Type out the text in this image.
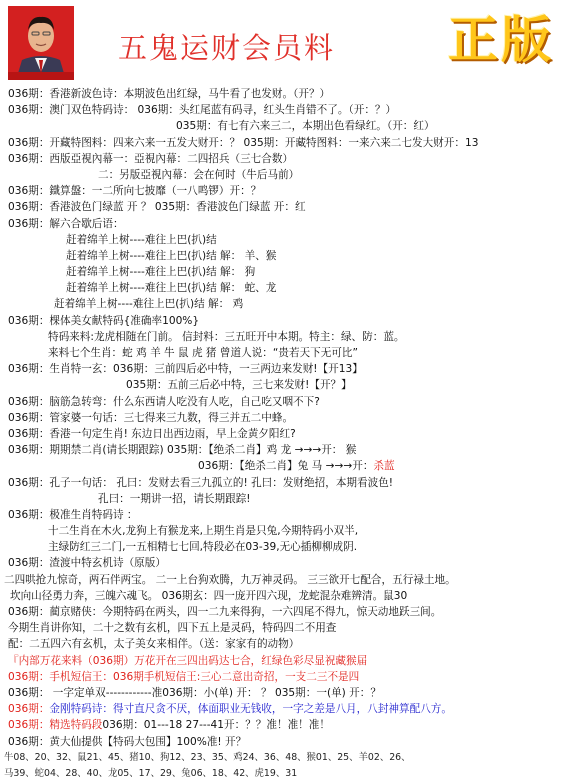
五鬼运财会员料 正版
036期：香港新波色诗：本期波色出红绿，马牛看了也发财。（开？）
036期：澳门双色特码诗： 036期：头红尾蓝有码寻，红头生肖错不了。（开：？）
035期：有七有六来三二，本期出色看绿红。（开：红）
036期：开藏特图料：四来六来一五发大财开：？ 035期：开藏特图料：一来六来二七发大财开：13
036期：西版亞視內幕一：亞視內幕：二四招兵（三七合数）
二：另版亞視內幕：会在何时（牛后马前）
036期：鐵算盤：一二所向七披靡（一八鸣锣）开：？
036期：香港波色门绿蓝 开 ？ 035期：香港波色门绿蓝 开：红
036期：解六合歇后语：
赶着绵羊上树----难往上巴(扒)结
赶着绵羊上树----难往上巴(扒)结 解： 羊、猴
赶着绵羊上树----难往上巴(扒)结 解： 狗
赶着绵羊上树----难往上巴(扒)结 解： 蛇、龙
赶着绵羊上树----难往上巴(扒)结 解： 鸡
036期：棵体美女献特码{准确率100%}
特码来料:龙虎相随在门前。 信封料：三五旺开中本期。特主：绿、防：蓝。
来料七个生肖：蛇 鸡 羊 牛 鼠 虎 猪 曾道人说：“贵若天下无可比”
036期：生肖特一玄：036期：三前四后必中特，一三两边来发财!【开13】
035期：五前三后必中特，三七来发财!【开？】
036期：脑筋急转弯：什么东西请人吃没有人吃，自己吃又咽不下?
036期：管家婆一句话：三七得来三九数，得三并五二中蜂。
036期：香港一句定生肖! 东边日出西边雨，早上金黄夕阳红?
036期：期期禁二肖(请长期跟踪) 035期：【绝杀二肖】鸡 龙 →→→开： 猴
036期：【绝杀二肖】兔 马 →→→开：杀蓝
036期：孔子一句话： 孔曰：发财去看三九孤立的! 孔曰：发财绝招，本期看波色!
孔曰：一期讲一招，请长期跟踪!
036期：极准生肖特码诗 ：
十二生肖在木火,龙狗上有猴龙来,上期生肖是只兔,今期特码小双半,
主绿防红三二门,一五相精七七回,特段必在03-39,无心插柳柳成阴.
036期：渣渡中特玄机诗（原版）
二四哄抢九惊奇，两石伴两宝。 二一上台狗欢腾，九万神灵码。 三三欲开七配合，五行禄土地。
坎向山径勇力奔，三魄六魂飞。 036期玄：四一庞开四六现，龙蛇混杂难辨清。鼠30
036期：蔺京赌侠：今期特码在两头，四一二九来得狗，一六四尾不得九，惊天动地跃三间。
今期生肖讲你知，二十之数有玄机，四下五上是灵码，特码四二不用查
配：二五四六有玄机，太子美女来相伴。（送：家家有的动物）
『内部万花来料（036期）万花开在三四出码达七合，红绿色彩尽显祝藏猴届
036期：手机短信王：036期手机短信王:三心二意出奇招，一支二三不是四
036期： 一字定单双------------准036期：小(单) 开： ？ 035期：一(单) 开：？
036期：金刚特码诗：得寸直尺贪不厌，体面职业无钱收，一字之差是八月，八封神算配八方。
036期：精选特码段036期：01---18 27---41开：？？准！准！准！
036期：黄大仙提供【特码大包围】100%准! 开？
牛08、20、32、鼠21、45、猪10、狗12、23、35、鸡24、36、48、猴01、25、羊02、26、
马39、蛇04、28、40、龙05、17、29、兔06、18、42、虎19、31
